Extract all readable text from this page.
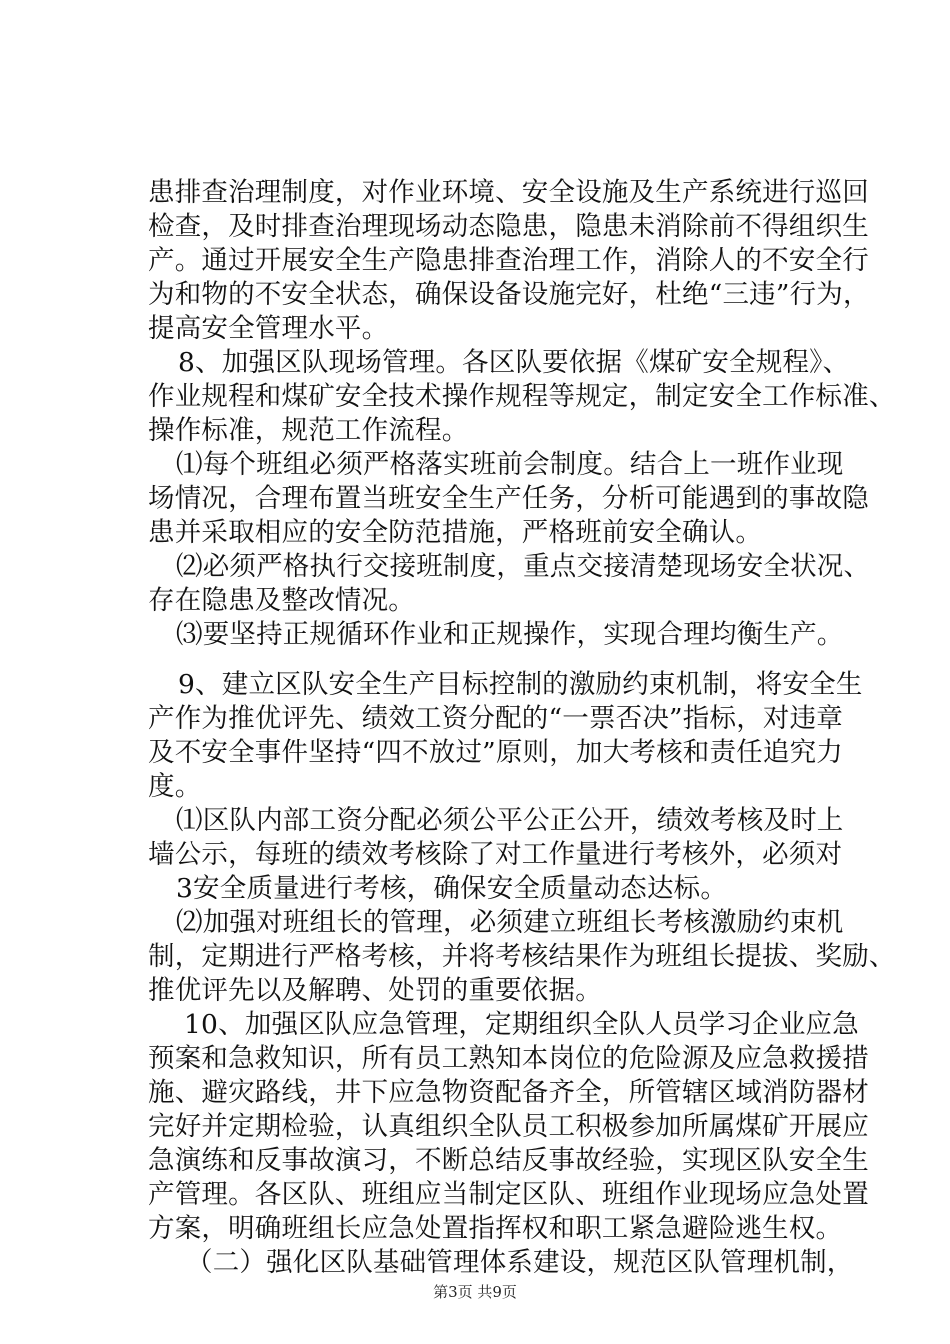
患排查治理制度，对作业环境、安全设施及生产系统进行巡回
检查，及时排查治理现场动态隐患，隐患未消除前不得组织生
产。通过开展安全生产隐患排查治理工作，消除人的不安全行
为和物的不安全状态，确保设备设施完好，杜绝“三违”行为，
提高安全管理水平。
8、加强区队现场管理。各区队要依据《煤矿安全规程》、
作业规程和煤矿安全技术操作规程等规定，制定安全工作标准、
操作标准，规范工作流程。
⑴每个班组必须严格落实班前会制度。结合上一班作业现
场情况，合理布置当班安全生产任务，分析可能遇到的事故隐
患并采取相应的安全防范措施，严格班前安全确认。
⑵必须严格执行交接班制度，重点交接清楚现场安全状况、
存在隐患及整改情况。
⑶要坚持正规循环作业和正规操作，实现合理均衡生产。
9、建立区队安全生产目标控制的激励约束机制，将安全生
产作为推优评先、绩效工资分配的“一票否决”指标，对违章
及不安全事件坚持“四不放过”原则，加大考核和责任追究力
度。
⑴区队内部工资分配必须公平公正公开，绩效考核及时上
墙公示，每班的绩效考核除了对工作量进行考核外，必须对
3安全质量进行考核，确保安全质量动态达标。
⑵加强对班组长的管理，必须建立班组长考核激励约束机
制，定期进行严格考核，并将考核结果作为班组长提拔、奖励、
推优评先以及解聘、处罚的重要依据。
10、加强区队应急管理，定期组织全队人员学习企业应急
预案和急救知识，所有员工熟知本岗位的危险源及应急救援措
施、避灾路线，井下应急物资配备齐全，所管辖区域消防器材
完好并定期检验，认真组织全队员工积极参加所属煤矿开展应
急演练和反事故演习，不断总结反事故经验，实现区队安全生
产管理。各区队、班组应当制定区队、班组作业现场应急处置
方案，明确班组长应急处置指挥权和职工紧急避险逃生权。
（二）强化区队基础管理体系建设，规范区队管理机制，
第3页 共9页
